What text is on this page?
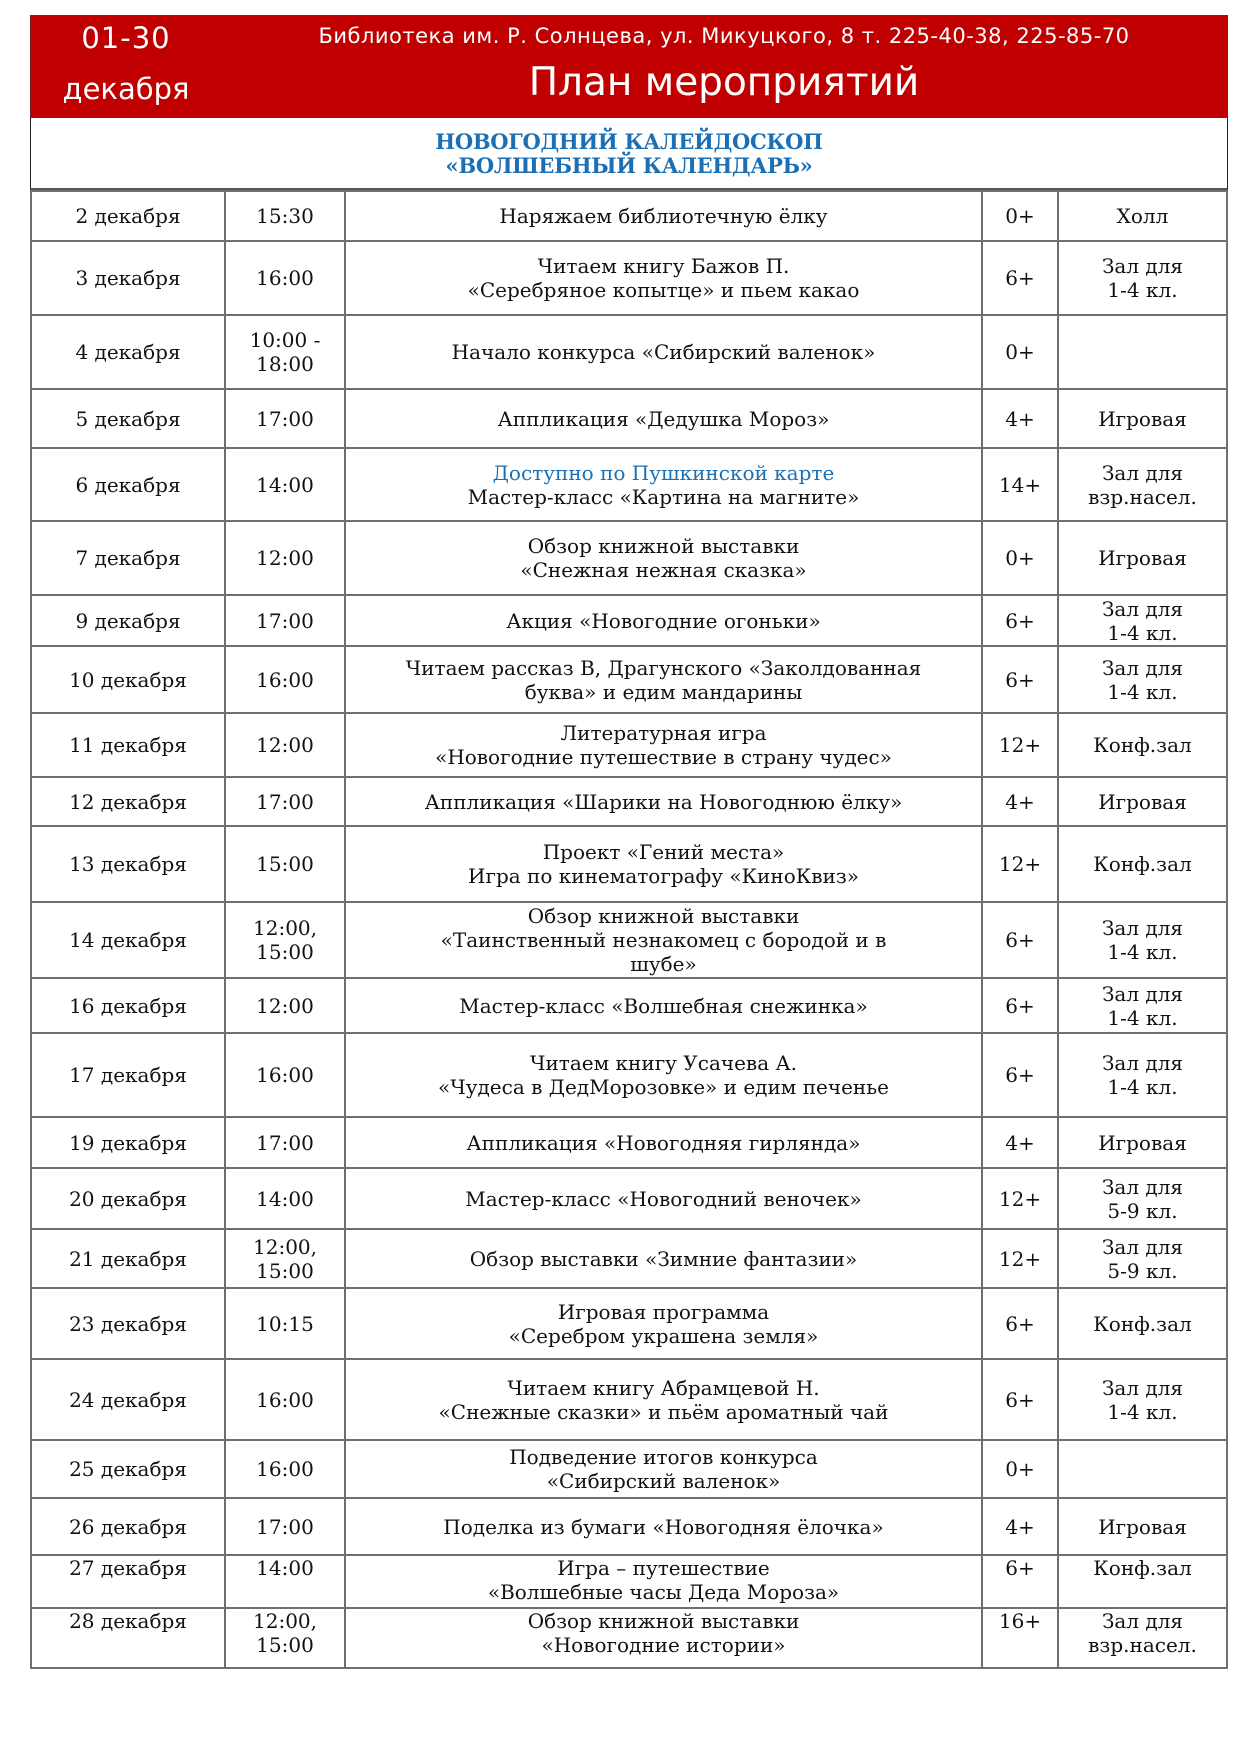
01-30
декабря
Библиотека им. Р. Солнцева, ул. Микуцкого, 8 т. 225-40-38, 225-85-70
План мероприятий
НОВОГОДНИЙ КАЛЕЙДОСКОП
«ВОЛШЕБНЫЙ КАЛЕНДАРЬ»
2 декабря	15:30	Наряжаем библиотечную ёлку	0+	Холл

3 декабря	16:00	Читаем книгу Бажов П.
«Серебряное копытце» и пьем какао	6+	Зал для
1-4 кл.

4 декабря	10:00 -
18:00	Начало конкурса «Сибирский валенок»	0+	

5 декабря	17:00	Аппликация «Дедушка Мороз»	4+	Игровая

6 декабря	14:00	Доступно по Пушкинской карте
Мастер-класс «Картина на магните»	14+	Зал для
взр.насел.

7 декабря	12:00	Обзор книжной выставки
«Снежная нежная сказка»	0+	Игровая

9 декабря	17:00	Акция «Новогодние огоньки»	6+	Зал для
1-4 кл.

10 декабря	16:00	Читаем рассказ В, Драгунского «Заколдованная
буква» и едим мандарины	6+	Зал для
1-4 кл.

11 декабря	12:00	Литературная игра
«Новогодние путешествие в страну чудес»	12+	Конф.зал

12 декабря	17:00	Аппликация «Шарики на Новогоднюю ёлку»	4+	Игровая

13 декабря	15:00	Проект «Гений места»
Игра по кинематографу «КиноКвиз»	12+	Конф.зал

14 декабря	12:00,
15:00	Обзор книжной выставки
«Таинственный незнакомец с бородой и в
шубе»	6+	Зал для
1-4 кл.

16 декабря	12:00	Мастер-класс «Волшебная снежинка»	6+	Зал для
1-4 кл.

17 декабря	16:00	Читаем книгу Усачева А.
«Чудеса в ДедМорозовке» и едим печенье	6+	Зал для
1-4 кл.

19 декабря	17:00	Аппликация «Новогодняя гирлянда»	4+	Игровая

20 декабря	14:00	Мастер-класс «Новогодний веночек»	12+	Зал для
5-9 кл.

21 декабря	12:00,
15:00	Обзор выставки «Зимние фантазии»	12+	Зал для
5-9 кл.

23 декабря	10:15	Игровая программа
«Серебром украшена земля»	6+	Конф.зал

24 декабря	16:00	Читаем книгу Абрамцевой Н.
«Снежные сказки» и пьём ароматный чай	6+	Зал для
1-4 кл.

25 декабря	16:00	Подведение итогов конкурса
«Сибирский валенок»	0+	

26 декабря	17:00	Поделка из бумаги «Новогодняя ёлочка»	4+	Игровая

27 декабря	14:00	Игра – путешествие
«Волшебные часы Деда Мороза»	6+	Конф.зал

28 декабря	12:00,
15:00	Обзор книжной выставки
«Новогодние истории»	16+	Зал для
взр.насел.
